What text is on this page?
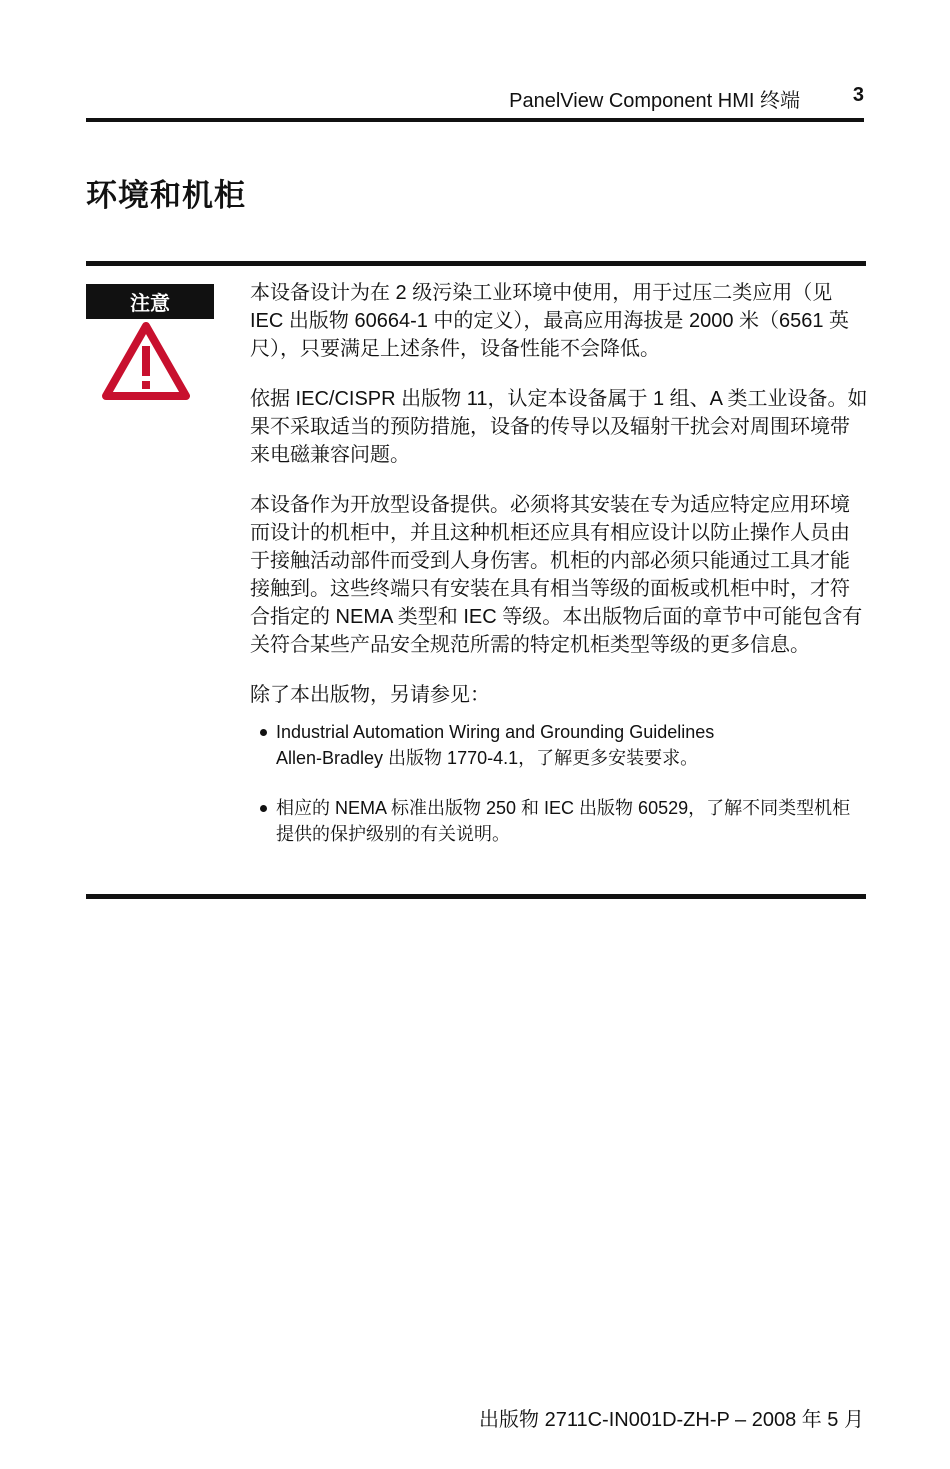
PanelView Component HMI 终端	3
环境和机柜
注意	本设备设计为在 2 级污染工业环境中使用，用于过压二类应用（见 IEC 出版物 60664-1 中的定义），最高应用海拔是 2000 米（6561 英尺），只要满足上述条件，设备性能不会降低。

依据 IEC/CISPR 出版物 11，认定本设备属于 1 组、A 类工业设备。如果不采取适当的预防措施，设备的传导以及辐射干扰会对周围环境带来电磁兼容问题。

本设备作为开放型设备提供。必须将其安装在专为适应特定应用环境而设计的机柜中，并且这种机柜还应具有相应设计以防止操作人员由于接触活动部件而受到人身伤害。机柜的内部必须只能通过工具才能接触到。这些终端只有安装在具有相当等级的面板或机柜中时，才符合指定的 NEMA 类型和 IEC 等级。本出版物后面的章节中可能包含有关符合某些产品安全规范所需的特定机柜类型等级的更多信息。

除了本出版物，另请参见：

Industrial Automation Wiring and Grounding Guidelines
Allen-Bradley 出版物 1770-4.1，了解更多安装要求。
相应的 NEMA 标准出版物 250 和 IEC 出版物 60529，了解不同类型机柜提供的保护级别的有关说明。
出版物 2711C-IN001D-ZH-P – 2008 年 5 月
